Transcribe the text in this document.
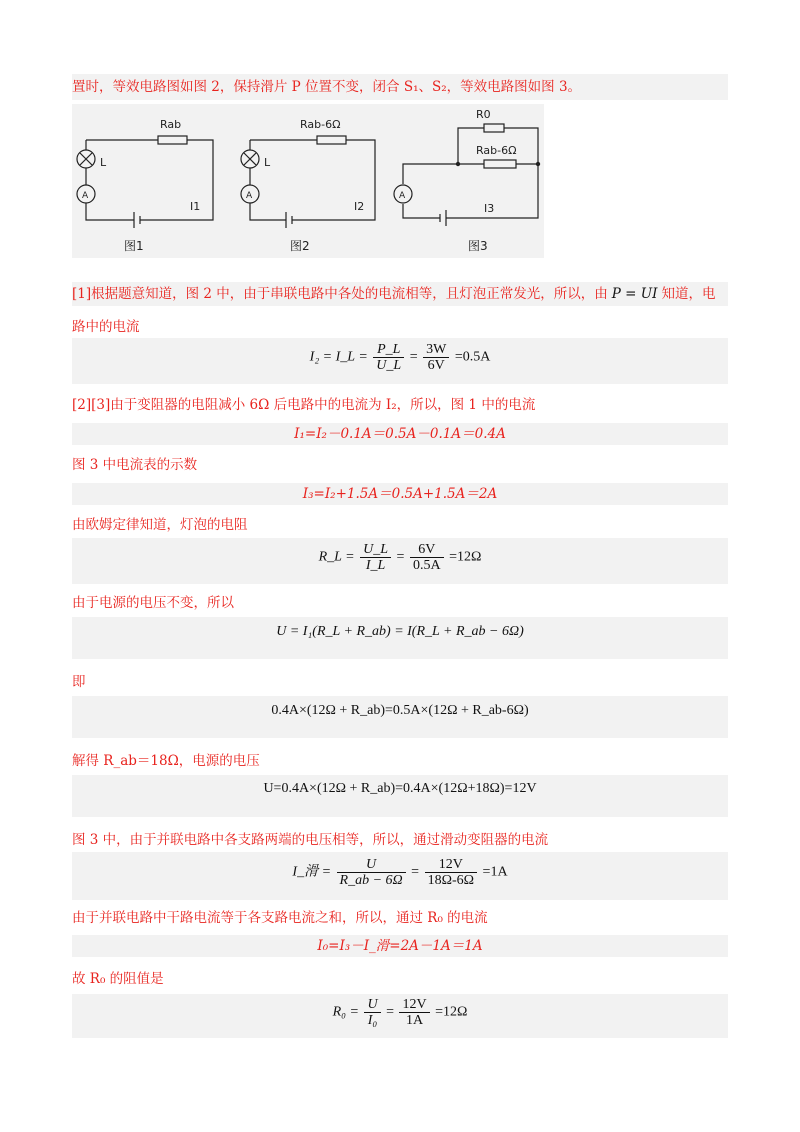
置时，等效电路图如图 2，保持滑片 P 位置不变，闭合 S₁、S₂，等效电路图如图 3。
Rab
L
A
I1
图1
Rab-6Ω
L
A
I2
图2
R0
Rab-6Ω
A
I3
图3
[1]根据题意知道，图 2 中，由于串联电路中各处的电流相等，且灯泡正常发光，所以，由 P = UI 知道，电
路中的电流
I₂ = I_L = $\frac{P\_L}{U\_L} = \frac{3W}{6V} =0.5A$
[2][3]由于变阻器的电阻减小 6Ω 后电路中的电流为 I₂，所以，图 1 中的电流
I₁=I₂－0.1A＝0.5A－0.1A＝0.4A
图 3 中电流表的示数
I₃=I₂+1.5A＝0.5A+1.5A＝2A
由欧姆定律知道，灯泡的电阻
R_L = $\frac{U\_L}{I\_L} = \frac{6V}{0.5A} =12\Omega$
由于电源的电压不变，所以
U = I₁(R_L + R_ab) = I(R_L + R_ab − 6Ω)
即
0.4A×(12Ω + R_ab)=0.5A×(12Ω + R_ab-6Ω)
解得 R_ab＝18Ω，电源的电压
U=0.4A×(12Ω + R_ab)=0.4A×(12Ω+18Ω)=12V
图 3 中，由于并联电路中各支路两端的电压相等，所以，通过滑动变阻器的电流
I_滑 = $\frac{U}{R\_ab - 6\Omega} = \frac{12V}{18\Omega-6\Omega} =1A$
由于并联电路中干路电流等于各支路电流之和，所以，通过 R₀ 的电流
I₀=I₃－I_滑=2A－1A＝1A
故 R₀ 的阻值是
$R_0 = \frac{U}{\text{I₀}} = \frac{12V}{1A} =12\Omega$
